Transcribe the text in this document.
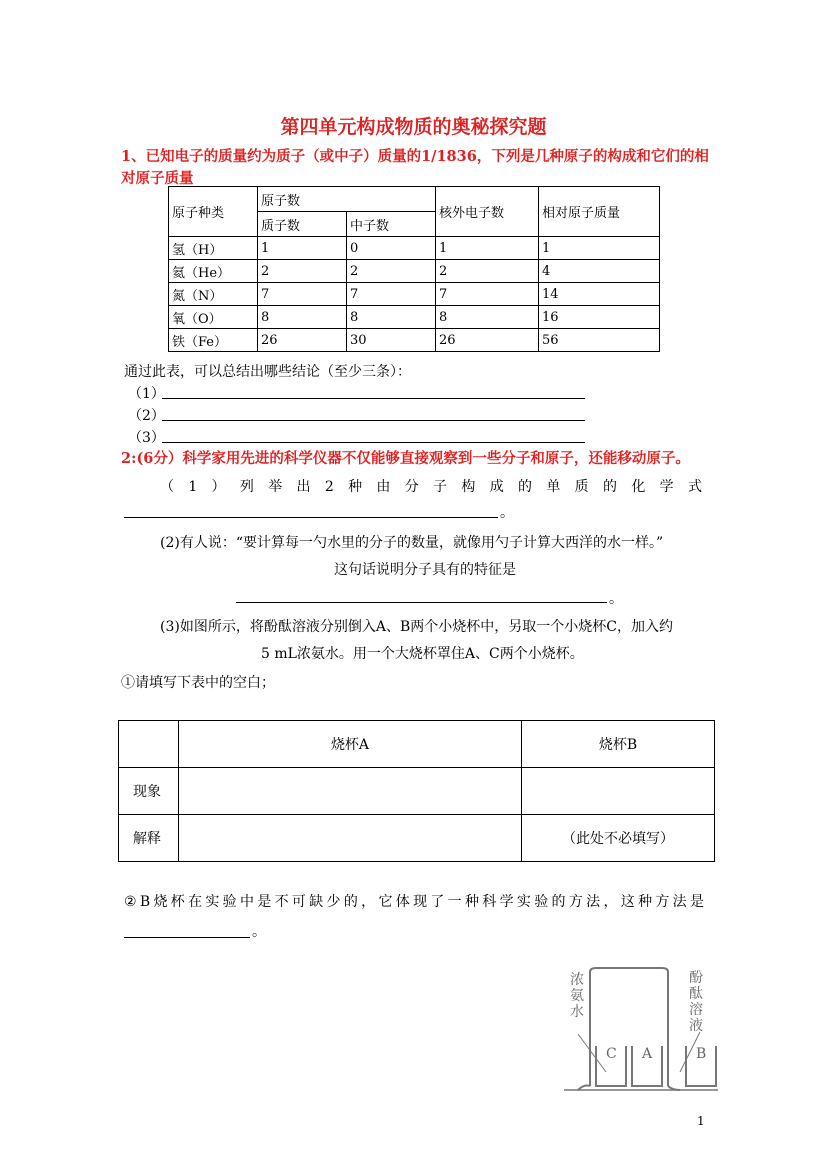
第四单元构成物质的奥秘探究题
1、已知电子的质量约为质子（或中子）质量的1/1836，下列是几种原子的构成和它们的相对原子质量
原子种类	原子数		核外电子数	相对原子质量
	质子数	中子数		
氢（H）	1	0	1	1
氦（He）	2	2	2	4
氮（N）	7	7	7	14
氧（O）	8	8	8	16
铁（Fe）	26	30	26	56
通过此表，可以总结出哪些结论（至少三条）：
（1）
（2）
（3）
2:(6分）科学家用先进的科学仪器不仅能够直接观察到一些分子和原子，还能移动原子。
（1）列举出2种由分子构成的单质的化学式
。
(2)有人说：“要计算每一勺水里的分子的数量，就像用勺子计算大西洋的水一样。”
这句话说明分子具有的特征是
。
(3)如图所示，将酚酞溶液分别倒入A、B两个小烧杯中，另取一个小烧杯C，加入约
5 mL浓氨水。用一个大烧杯罩住A、C两个小烧杯。
①请填写下表中的空白；
	烧杯A	烧杯B
现象		
解释		（此处不必填写）
②B烧杯在实验中是不可缺少的，它体现了一种科学实验的方法，这种方法是
。
浓
氨
水
酚
酞
溶
液
C A	B
1
